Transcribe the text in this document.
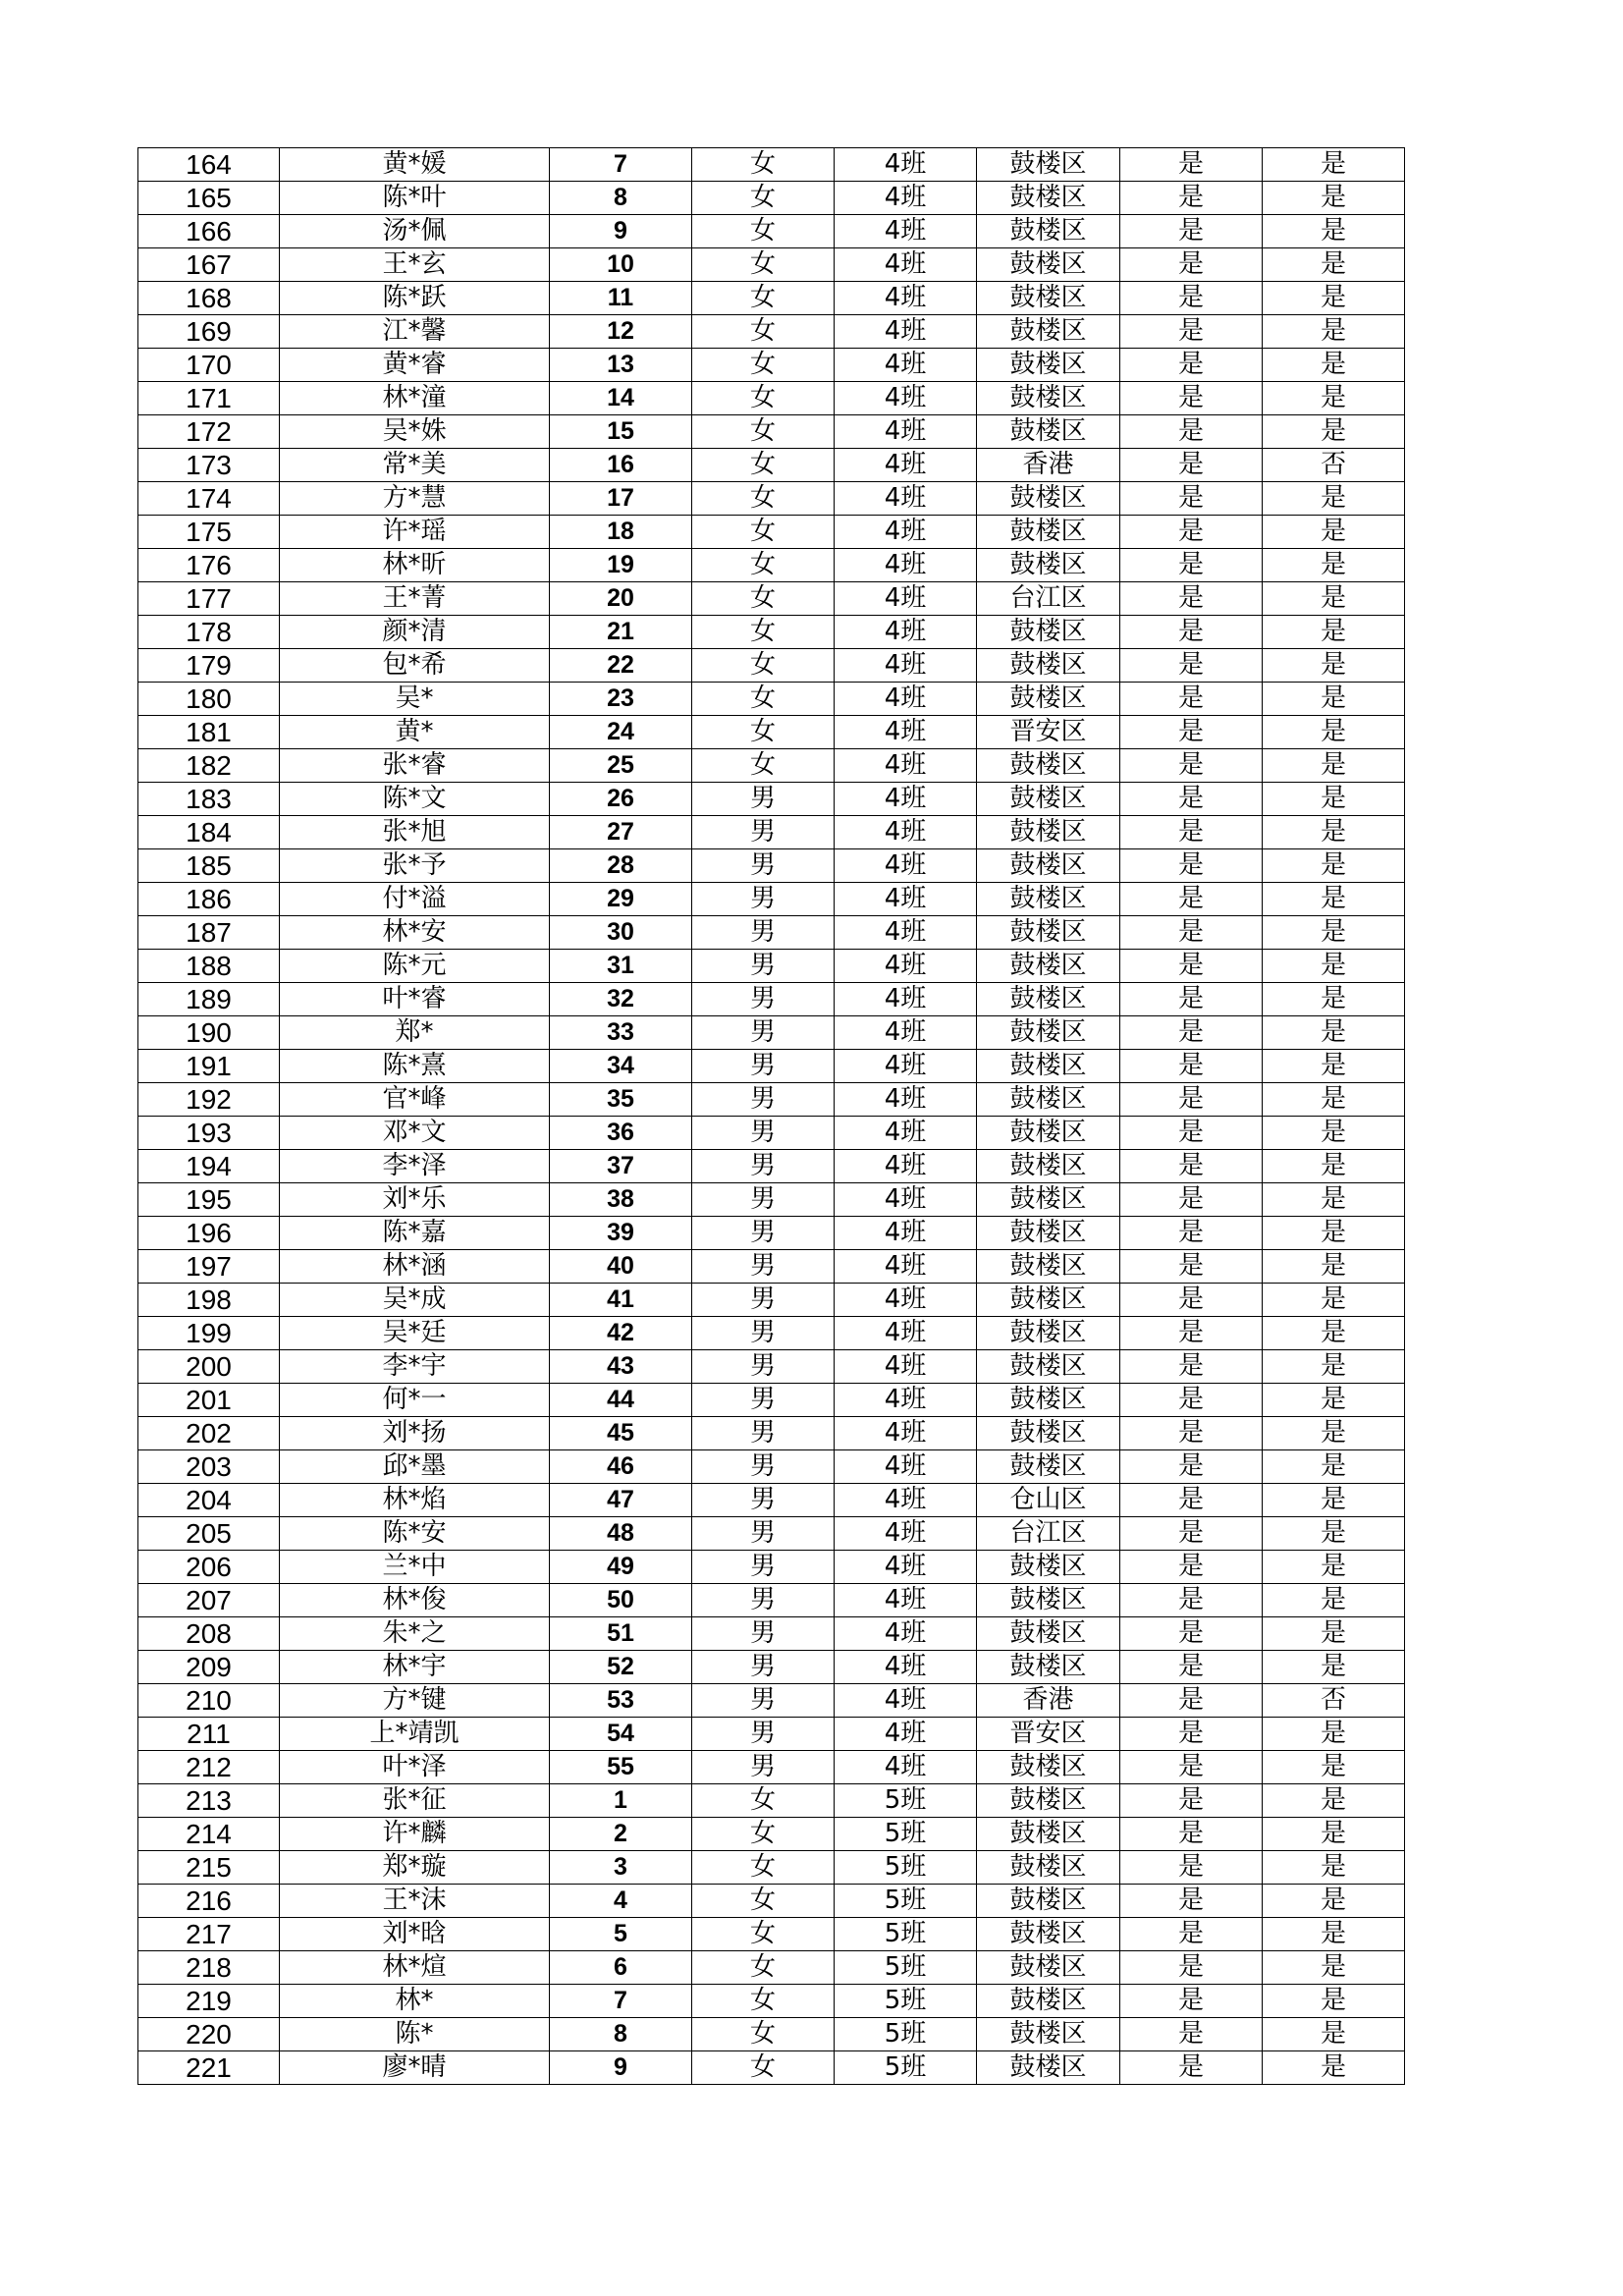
164	黄*媛	7	女	4班	鼓楼区	是	是
165	陈*叶	8	女	4班	鼓楼区	是	是
166	汤*佩	9	女	4班	鼓楼区	是	是
167	王*玄	10	女	4班	鼓楼区	是	是
168	陈*跃	11	女	4班	鼓楼区	是	是
169	江*馨	12	女	4班	鼓楼区	是	是
170	黄*睿	13	女	4班	鼓楼区	是	是
171	林*潼	14	女	4班	鼓楼区	是	是
172	吴*姝	15	女	4班	鼓楼区	是	是
173	常*美	16	女	4班	香港	是	否
174	方*慧	17	女	4班	鼓楼区	是	是
175	许*瑶	18	女	4班	鼓楼区	是	是
176	林*昕	19	女	4班	鼓楼区	是	是
177	王*菁	20	女	4班	台江区	是	是
178	颜*清	21	女	4班	鼓楼区	是	是
179	包*希	22	女	4班	鼓楼区	是	是
180	吴*	23	女	4班	鼓楼区	是	是
181	黄*	24	女	4班	晋安区	是	是
182	张*睿	25	女	4班	鼓楼区	是	是
183	陈*文	26	男	4班	鼓楼区	是	是
184	张*旭	27	男	4班	鼓楼区	是	是
185	张*予	28	男	4班	鼓楼区	是	是
186	付*溢	29	男	4班	鼓楼区	是	是
187	林*安	30	男	4班	鼓楼区	是	是
188	陈*元	31	男	4班	鼓楼区	是	是
189	叶*睿	32	男	4班	鼓楼区	是	是
190	郑*	33	男	4班	鼓楼区	是	是
191	陈*熹	34	男	4班	鼓楼区	是	是
192	官*峰	35	男	4班	鼓楼区	是	是
193	邓*文	36	男	4班	鼓楼区	是	是
194	李*泽	37	男	4班	鼓楼区	是	是
195	刘*乐	38	男	4班	鼓楼区	是	是
196	陈*嘉	39	男	4班	鼓楼区	是	是
197	林*涵	40	男	4班	鼓楼区	是	是
198	吴*成	41	男	4班	鼓楼区	是	是
199	吴*廷	42	男	4班	鼓楼区	是	是
200	李*宇	43	男	4班	鼓楼区	是	是
201	何*一	44	男	4班	鼓楼区	是	是
202	刘*扬	45	男	4班	鼓楼区	是	是
203	邱*墨	46	男	4班	鼓楼区	是	是
204	林*焰	47	男	4班	仓山区	是	是
205	陈*安	48	男	4班	台江区	是	是
206	兰*中	49	男	4班	鼓楼区	是	是
207	林*俊	50	男	4班	鼓楼区	是	是
208	朱*之	51	男	4班	鼓楼区	是	是
209	林*宇	52	男	4班	鼓楼区	是	是
210	方*键	53	男	4班	香港	是	否
211	上*靖凯	54	男	4班	晋安区	是	是
212	叶*泽	55	男	4班	鼓楼区	是	是
213	张*征	1	女	5班	鼓楼区	是	是
214	许*麟	2	女	5班	鼓楼区	是	是
215	郑*璇	3	女	5班	鼓楼区	是	是
216	王*沫	4	女	5班	鼓楼区	是	是
217	刘*晗	5	女	5班	鼓楼区	是	是
218	林*煊	6	女	5班	鼓楼区	是	是
219	林*	7	女	5班	鼓楼区	是	是
220	陈*	8	女	5班	鼓楼区	是	是
221	廖*晴	9	女	5班	鼓楼区	是	是
